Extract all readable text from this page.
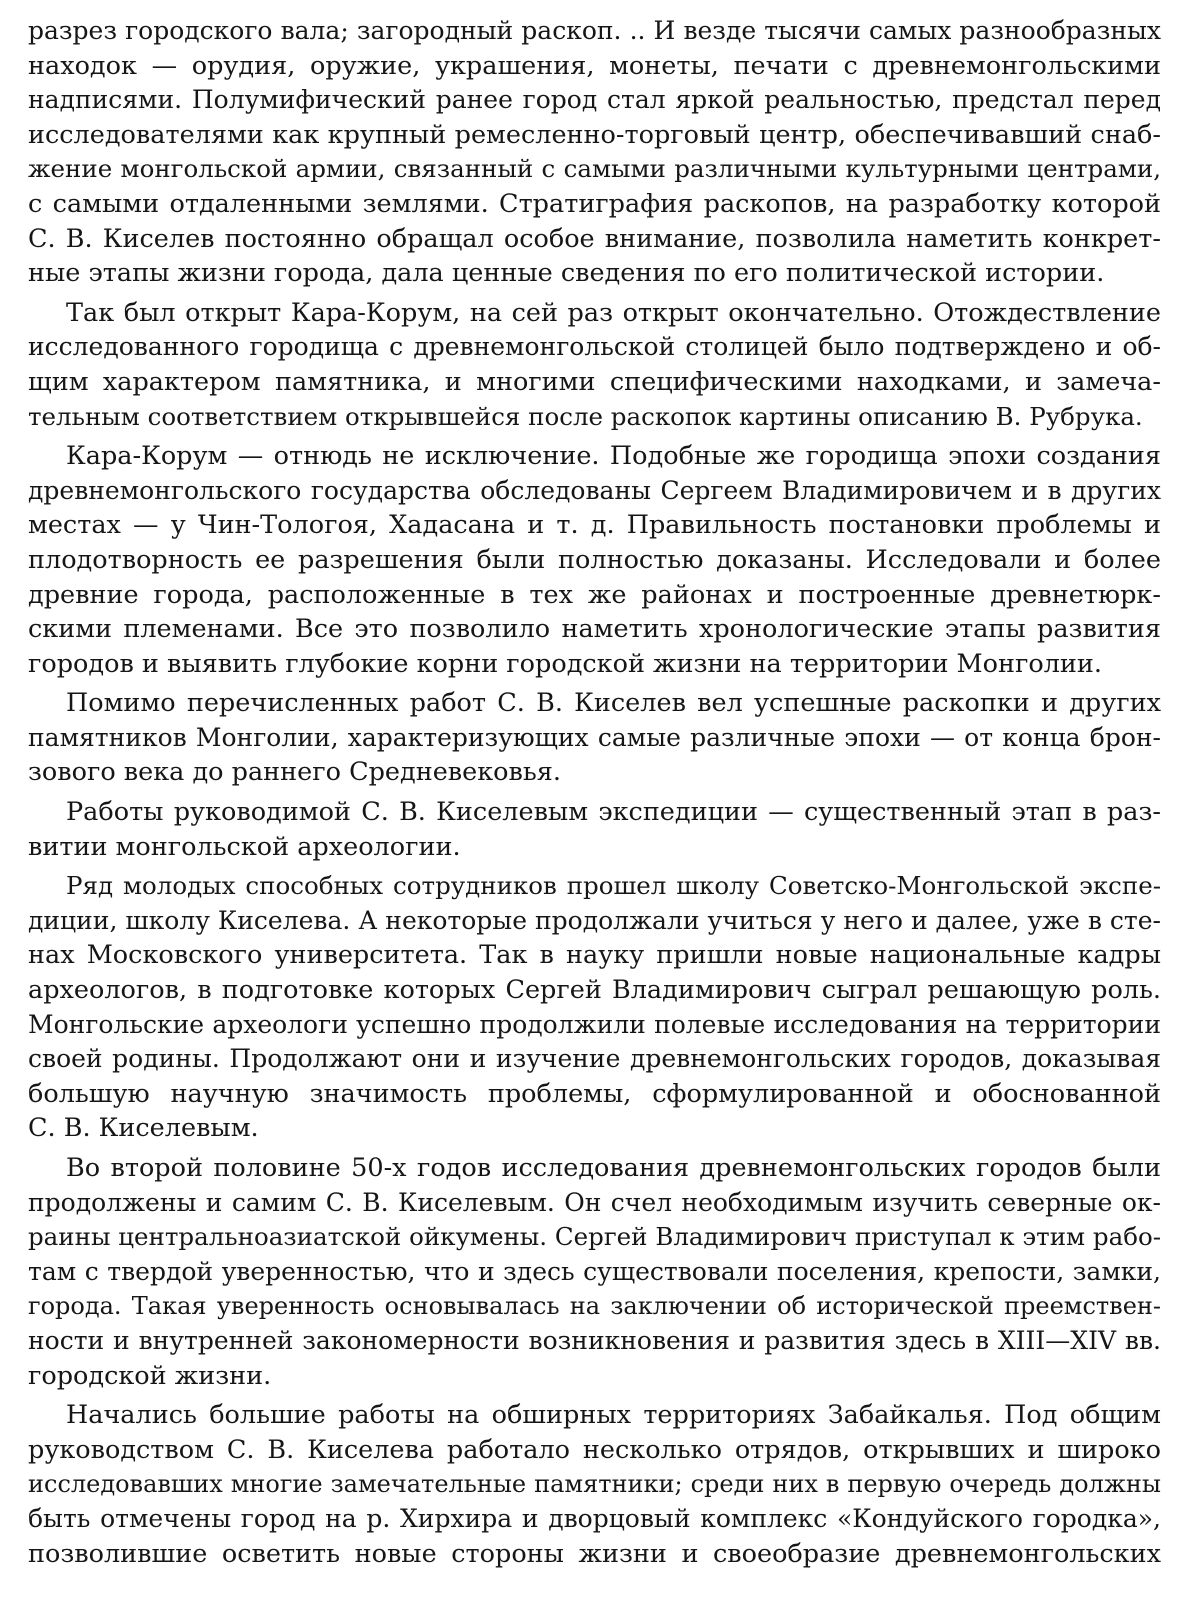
разрез городского вала; загородный раскоп. .. И везде тысячи самых разнообразных
находок — орудия, оружие, украшения, монеты, печати с древнемонгольскими
надписями. Полумифический ранее город стал яркой реальностью, предстал перед
исследователями как крупный ремесленно-торговый центр, обеспечивавший снаб-
жение монгольской армии, связанный с самыми различными культурными центрами,
с самыми отдаленными землями. Стратиграфия раскопов, на разработку которой
С. В. Киселев постоянно обращал особое внимание, позволила наметить конкрет-
ные этапы жизни города, дала ценные сведения по его политической истории.
Так был открыт Кара-Корум, на сей раз открыт окончательно. Отождествление
исследованного городища с древнемонгольской столицей было подтверждено и об-
щим характером памятника, и многими специфическими находками, и замеча-
тельным соответствием открывшейся после раскопок картины описанию В. Рубрука.
Кара-Корум — отнюдь не исключение. Подобные же городища эпохи создания
древнемонгольского государства обследованы Сергеем Владимировичем и в других
местах — у Чин-Тологоя, Хадасана и т. д. Правильность постановки проблемы и
плодотворность ее разрешения были полностью доказаны. Исследовали и более
древние города, расположенные в тех же районах и построенные древнетюрк-
скими племенами. Все это позволило наметить хронологические этапы развития
городов и выявить глубокие корни городской жизни на территории Монголии.
Помимо перечисленных работ С. В. Киселев вел успешные раскопки и других
памятников Монголии, характеризующих самые различные эпохи — от конца брон-
зового века до раннего Средневековья.
Работы руководимой С. В. Киселевым экспедиции — существенный этап в раз-
витии монгольской археологии.
Ряд молодых способных сотрудников прошел школу Советско-Монгольской экспе-
диции, школу Киселева. А некоторые продолжали учиться у него и далее, уже в сте-
нах Московского университета. Так в науку пришли новые национальные кадры
археологов, в подготовке которых Сергей Владимирович сыграл решающую роль.
Монгольские археологи успешно продолжили полевые исследования на территории
своей родины. Продолжают они и изучение древнемонгольских городов, доказывая
большую научную значимость проблемы, сформулированной и обоснованной
С. В. Киселевым.
Во второй половине 50-х годов исследования древнемонгольских городов были
продолжены и самим С. В. Киселевым. Он счел необходимым изучить северные ок-
раины центральноазиатской ойкумены. Сергей Владимирович приступал к этим рабо-
там с твердой уверенностью, что и здесь существовали поселения, крепости, замки,
города. Такая уверенность основывалась на заключении об исторической преемствен-
ности и внутренней закономерности возникновения и развития здесь в XIII—XIV вв.
городской жизни.
Начались большие работы на обширных территориях Забайкалья. Под общим
руководством С. В. Киселева работало несколько отрядов, открывших и широко
исследовавших многие замечательные памятники; среди них в первую очередь должны
быть отмечены город на р. Хирхира и дворцовый комплекс «Кондуйского городка»,
позволившие осветить новые стороны жизни и своеобразие древнемонгольских
